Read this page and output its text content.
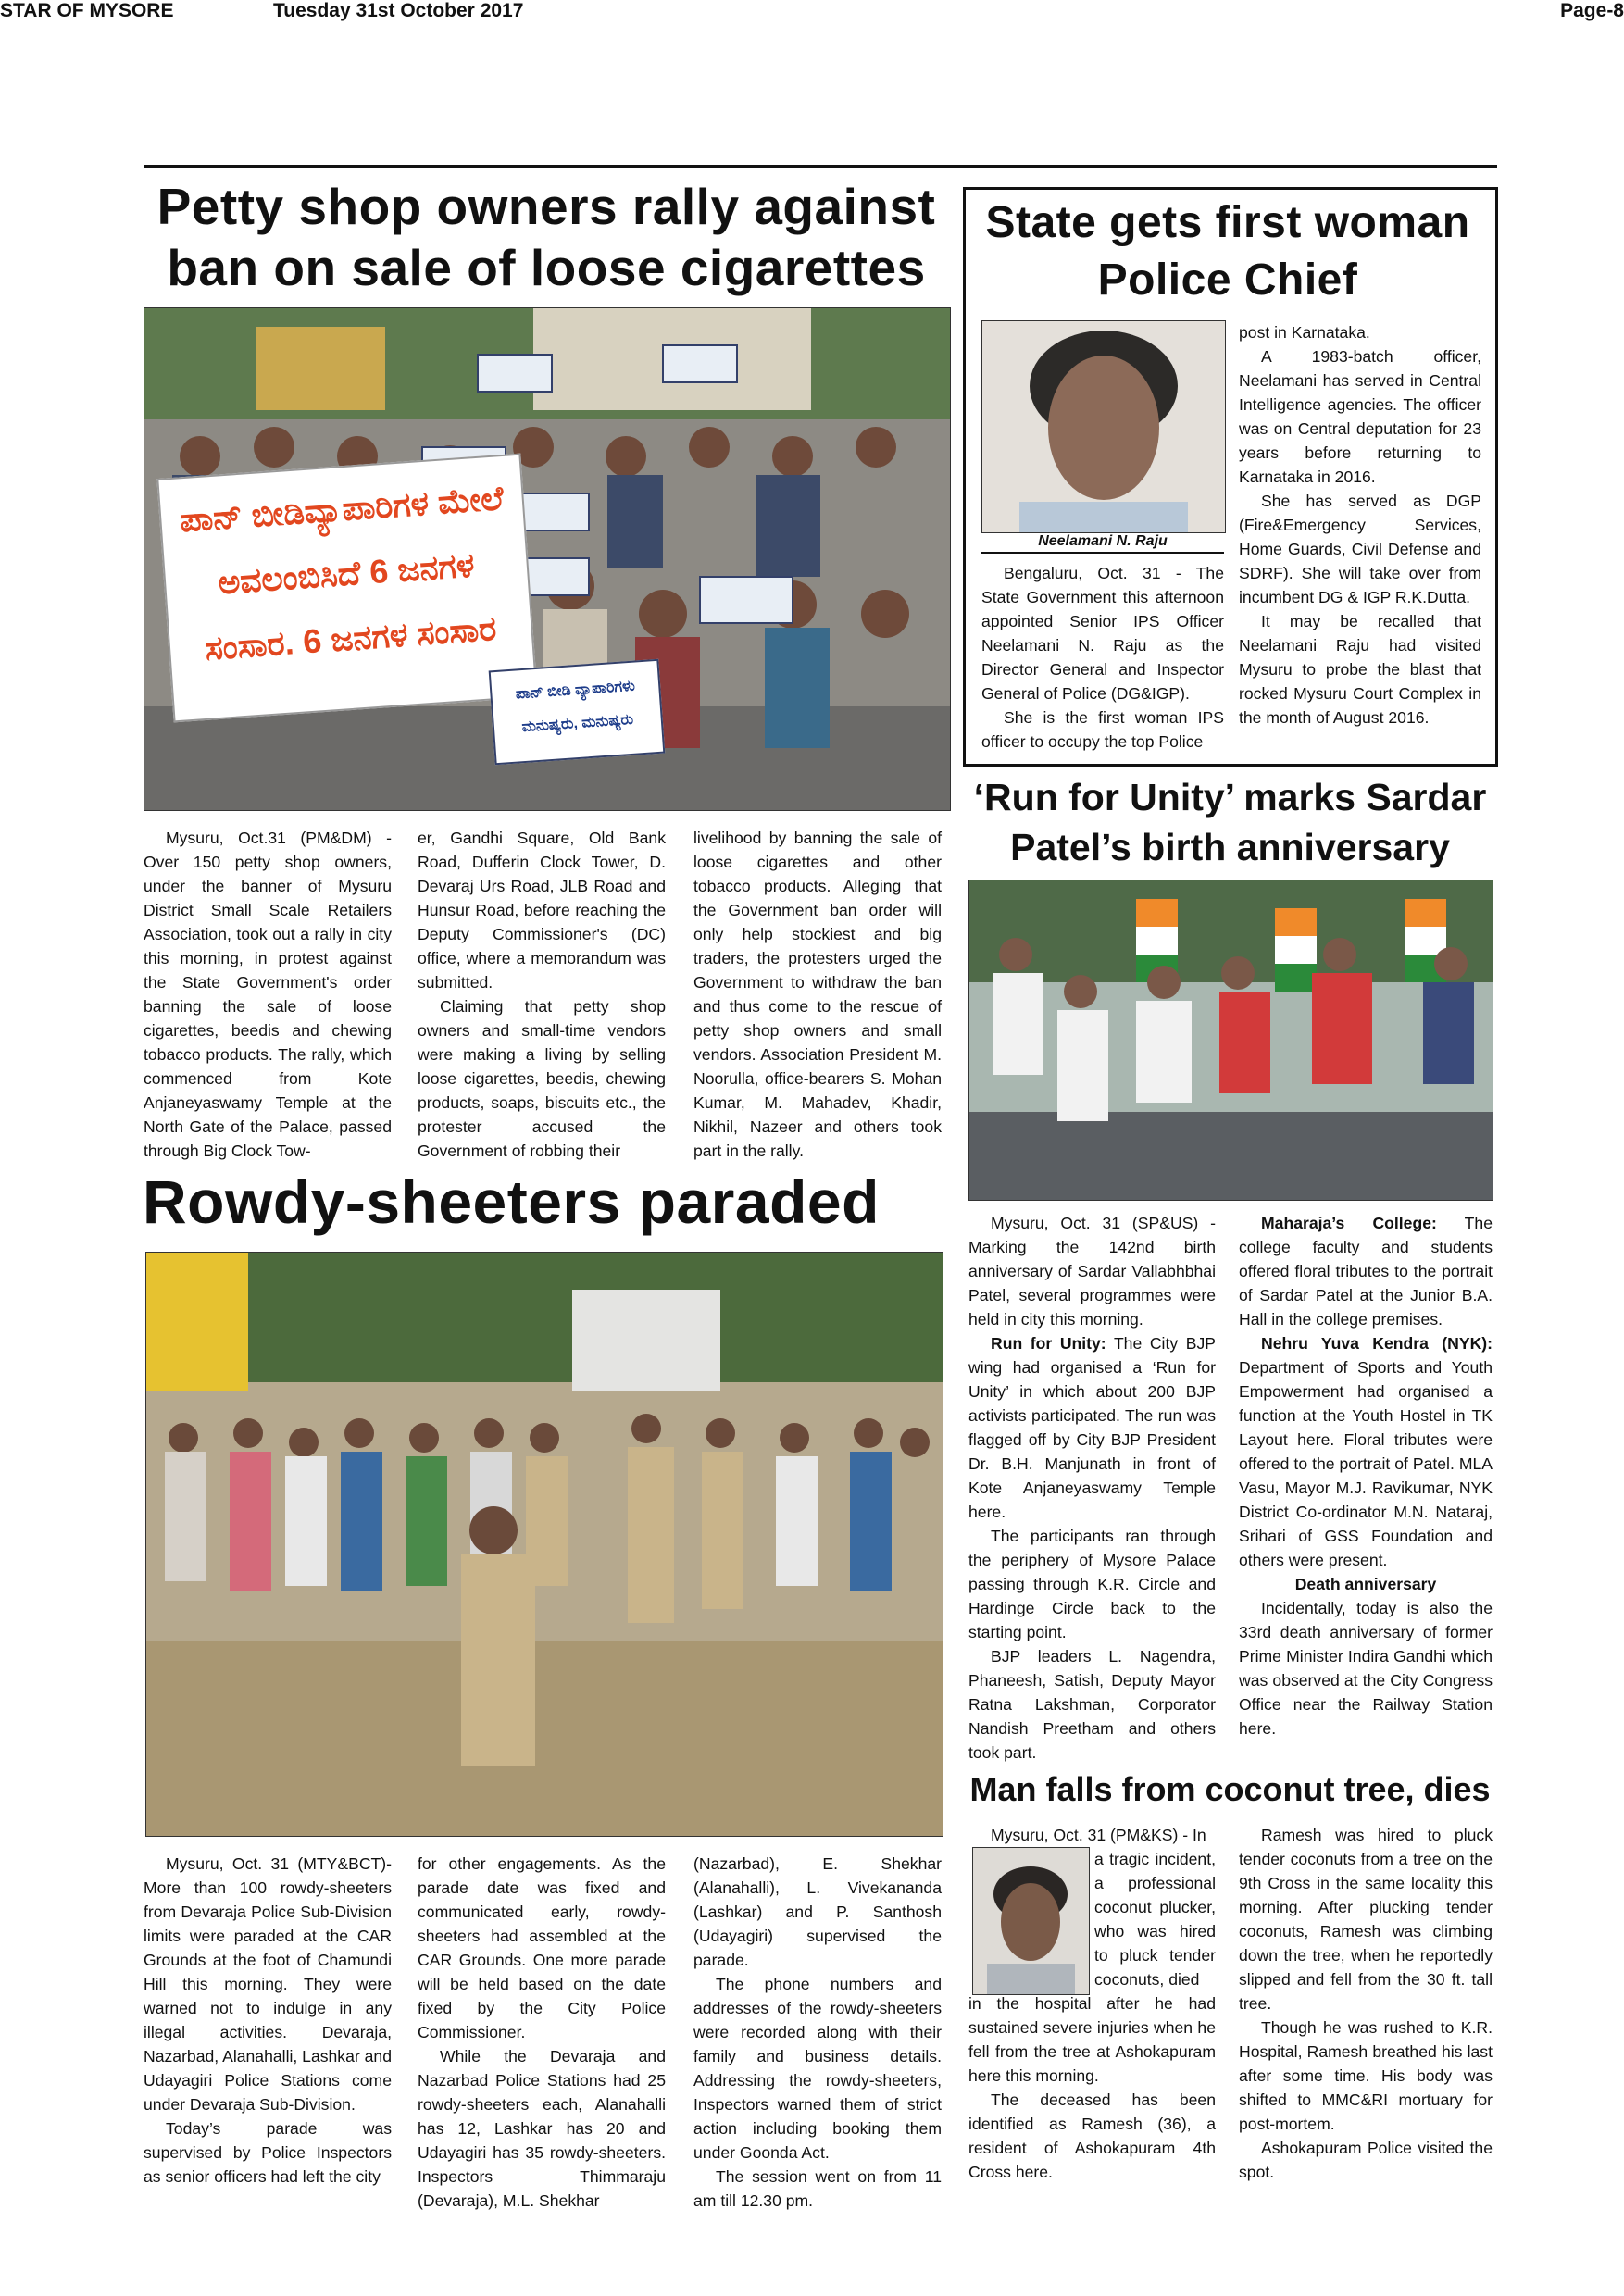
STAR OF MYSORE	Tuesday 31st October 2017	Page-8
Petty shop owners rally against
ban on sale of loose cigarettes
ಪಾನ್ ಬೀಡಿವ್ಯಾಪಾರಿಗಳ ಮೇಲೆ
ಅವಲಂಬಿಸಿದೆ 6 ಜನಗಳ
ಸಂಸಾರ. 6 ಜನಗಳ ಸಂಸಾರ
ಪಾನ್ ಬೀಡಿ ವ್ಯಾಪಾರಿಗಳು
ಮನುಷ್ಯರು, ಮನುಷ್ಯರು

Mysuru, Oct.31 (PM&DM) - Over 150 petty shop owners, under the banner of Mysuru District Small Scale Retailers Association, took out a rally in city this morning, in protest against the State Government's order banning the sale of loose cigarettes, beedis and chewing tobacco products. The rally, which commenced from Kote Anjaneyaswamy Temple at the North Gate of the Palace, passed through Big Clock Tow-

er, Gandhi Square, Old Bank Road, Dufferin Clock Tower, D. Devaraj Urs Road, JLB Road and Hunsur Road, before reaching the Deputy Commissioner's (DC) office, where a memorandum was submitted.

Claiming that petty shop owners and small-time vendors were making a living by selling loose cigarettes, beedis, chewing products, soaps, biscuits etc., the protester accused the Government of robbing their

livelihood by banning the sale of loose cigarettes and other tobacco products. Alleging that the Government ban order will only help stockiest and big traders, the protesters urged the Government to withdraw the ban and thus come to the rescue of petty shop owners and small vendors. Association President M. Noorulla, office-bearers S. Mohan Kumar, M. Mahadev, Khadir, Nikhil, Nazeer and others took part in the rally.

State gets first woman
Police Chief
Neelamani N. Raju

Bengaluru, Oct. 31 - The State Government this afternoon appointed Senior IPS Officer Neelamani N. Raju as the Director General and Inspector General of Police (DG&IGP).

She is the first woman IPS officer to occupy the top Police

post in Karnataka.

A 1983-batch officer, Neelamani has served in Central Intelligence agencies. The officer was on Central deputation for 23 years before returning to Karnataka in 2016.

She has served as DGP (Fire&Emergency Services, Home Guards, Civil Defense and SDRF). She will take over from incumbent DG & IGP R.K.Dutta.

It may be recalled that Neelamani Raju had visited Mysuru to probe the blast that rocked Mysuru Court Complex in the month of August 2016.

‘Run for Unity’ marks Sardar
Patel’s birth anniversary

Mysuru, Oct. 31 (SP&US) - Marking the 142nd birth anniversary of Sardar Vallabhbhai Patel, several programmes were held in city this morning.

Run for Unity: The City BJP wing had organised a ‘Run for Unity’ in which about 200 BJP activists participated. The run was flagged off by City BJP President Dr. B.H. Manjunath in front of Kote Anjaneyaswamy Temple here.

The participants ran through the periphery of Mysore Palace passing through K.R. Circle and Hardinge Circle back to the starting point.

BJP leaders L. Nagendra, Phaneesh, Satish, Deputy Mayor Ratna Lakshman, Corporator Nandish Preetham and others took part.

Maharaja’s College: The college faculty and students offered floral tributes to the portrait of Sardar Patel at the Junior B.A. Hall in the college premises.

Nehru Yuva Kendra (NYK): Department of Sports and Youth Empowerment had organised a function at the Youth Hostel in TK Layout here. Floral tributes were offered to the portrait of Patel. MLA Vasu, Mayor M.J. Ravikumar, NYK District Co-ordinator M.N. Nataraj, Srihari of GSS Foundation and others were present.

Death anniversary

Incidentally, today is also the 33rd death anniversary of former Prime Minister Indira Gandhi which was observed at the City Congress Office near the Railway Station here.

Rowdy-sheeters paraded

Mysuru, Oct. 31 (MTY&BCT)- More than 100 rowdy-sheeters from Devaraja Police Sub-Division limits were paraded at the CAR Grounds at the foot of Chamundi Hill this morning. They were warned not to indulge in any illegal activities. Devaraja, Nazarbad, Alanahalli, Lashkar and Udayagiri Police Stations come under Devaraja Sub-Division.

Today’s parade was supervised by Police Inspectors as senior officers had left the city

for other engagements. As the parade date was fixed and communicated early, rowdy-sheeters had assembled at the CAR Grounds. One more parade will be held based on the date fixed by the City Police Commissioner.

While the Devaraja and Nazarbad Police Stations had 25 rowdy-sheeters each, Alanahalli has 12, Lashkar has 20 and Udayagiri has 35 rowdy-sheeters. Inspectors Thimmaraju (Devaraja), M.L. Shekhar

(Nazarbad), E. Shekhar (Alanahalli), L. Vivekananda (Lashkar) and P. Santhosh (Udayagiri) supervised the parade.

The phone numbers and addresses of the rowdy-sheeters were recorded along with their family and business details. Addressing the rowdy-sheeters, Inspectors warned them of strict action including booking them under Goonda Act.

The session went on from 11 am till 12.30 pm.

Man falls from coconut tree, dies

Mysuru, Oct. 31 (PM&KS) - In

a tragic incident, a professional coconut plucker, who was hired to pluck tender coconuts, died
in the hospital after he had sustained severe injuries when he fell from the tree at Ashokapuram here this morning.

The deceased has been identified as Ramesh (36), a resident of Ashokapuram 4th Cross here.

Ramesh was hired to pluck tender coconuts from a tree on the 9th Cross in the same locality this morning. After plucking tender coconuts, Ramesh was climbing down the tree, when he reportedly slipped and fell from the 30 ft. tall tree.

Though he was rushed to K.R. Hospital, Ramesh breathed his last after some time. His body was shifted to MMC&RI mortuary for post-mortem.

Ashokapuram Police visited the spot.
